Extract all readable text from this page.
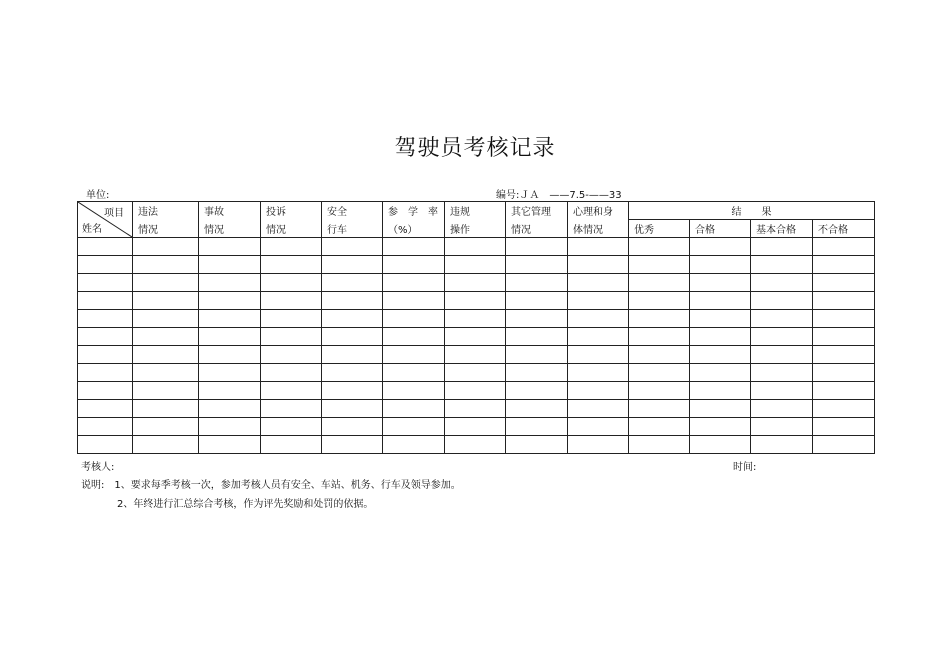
驾驶员考核记录
单位:	编号:ＪＡ　——7.5-——33
项目
姓名	违法	事故	投诉	安全	参　学　率	违规	其它管理	心理和身	结　　果			
	情况	情况	情况	行车	（%）	操作	情况	体情况	优秀	合格	基本合格	不合格

考核人:	时间:
说明:　1、要求每季考核一次，参加考核人员有安全、车站、机务、行车及领导参加。
2、年终进行汇总综合考核，作为评先奖励和处罚的依据。
